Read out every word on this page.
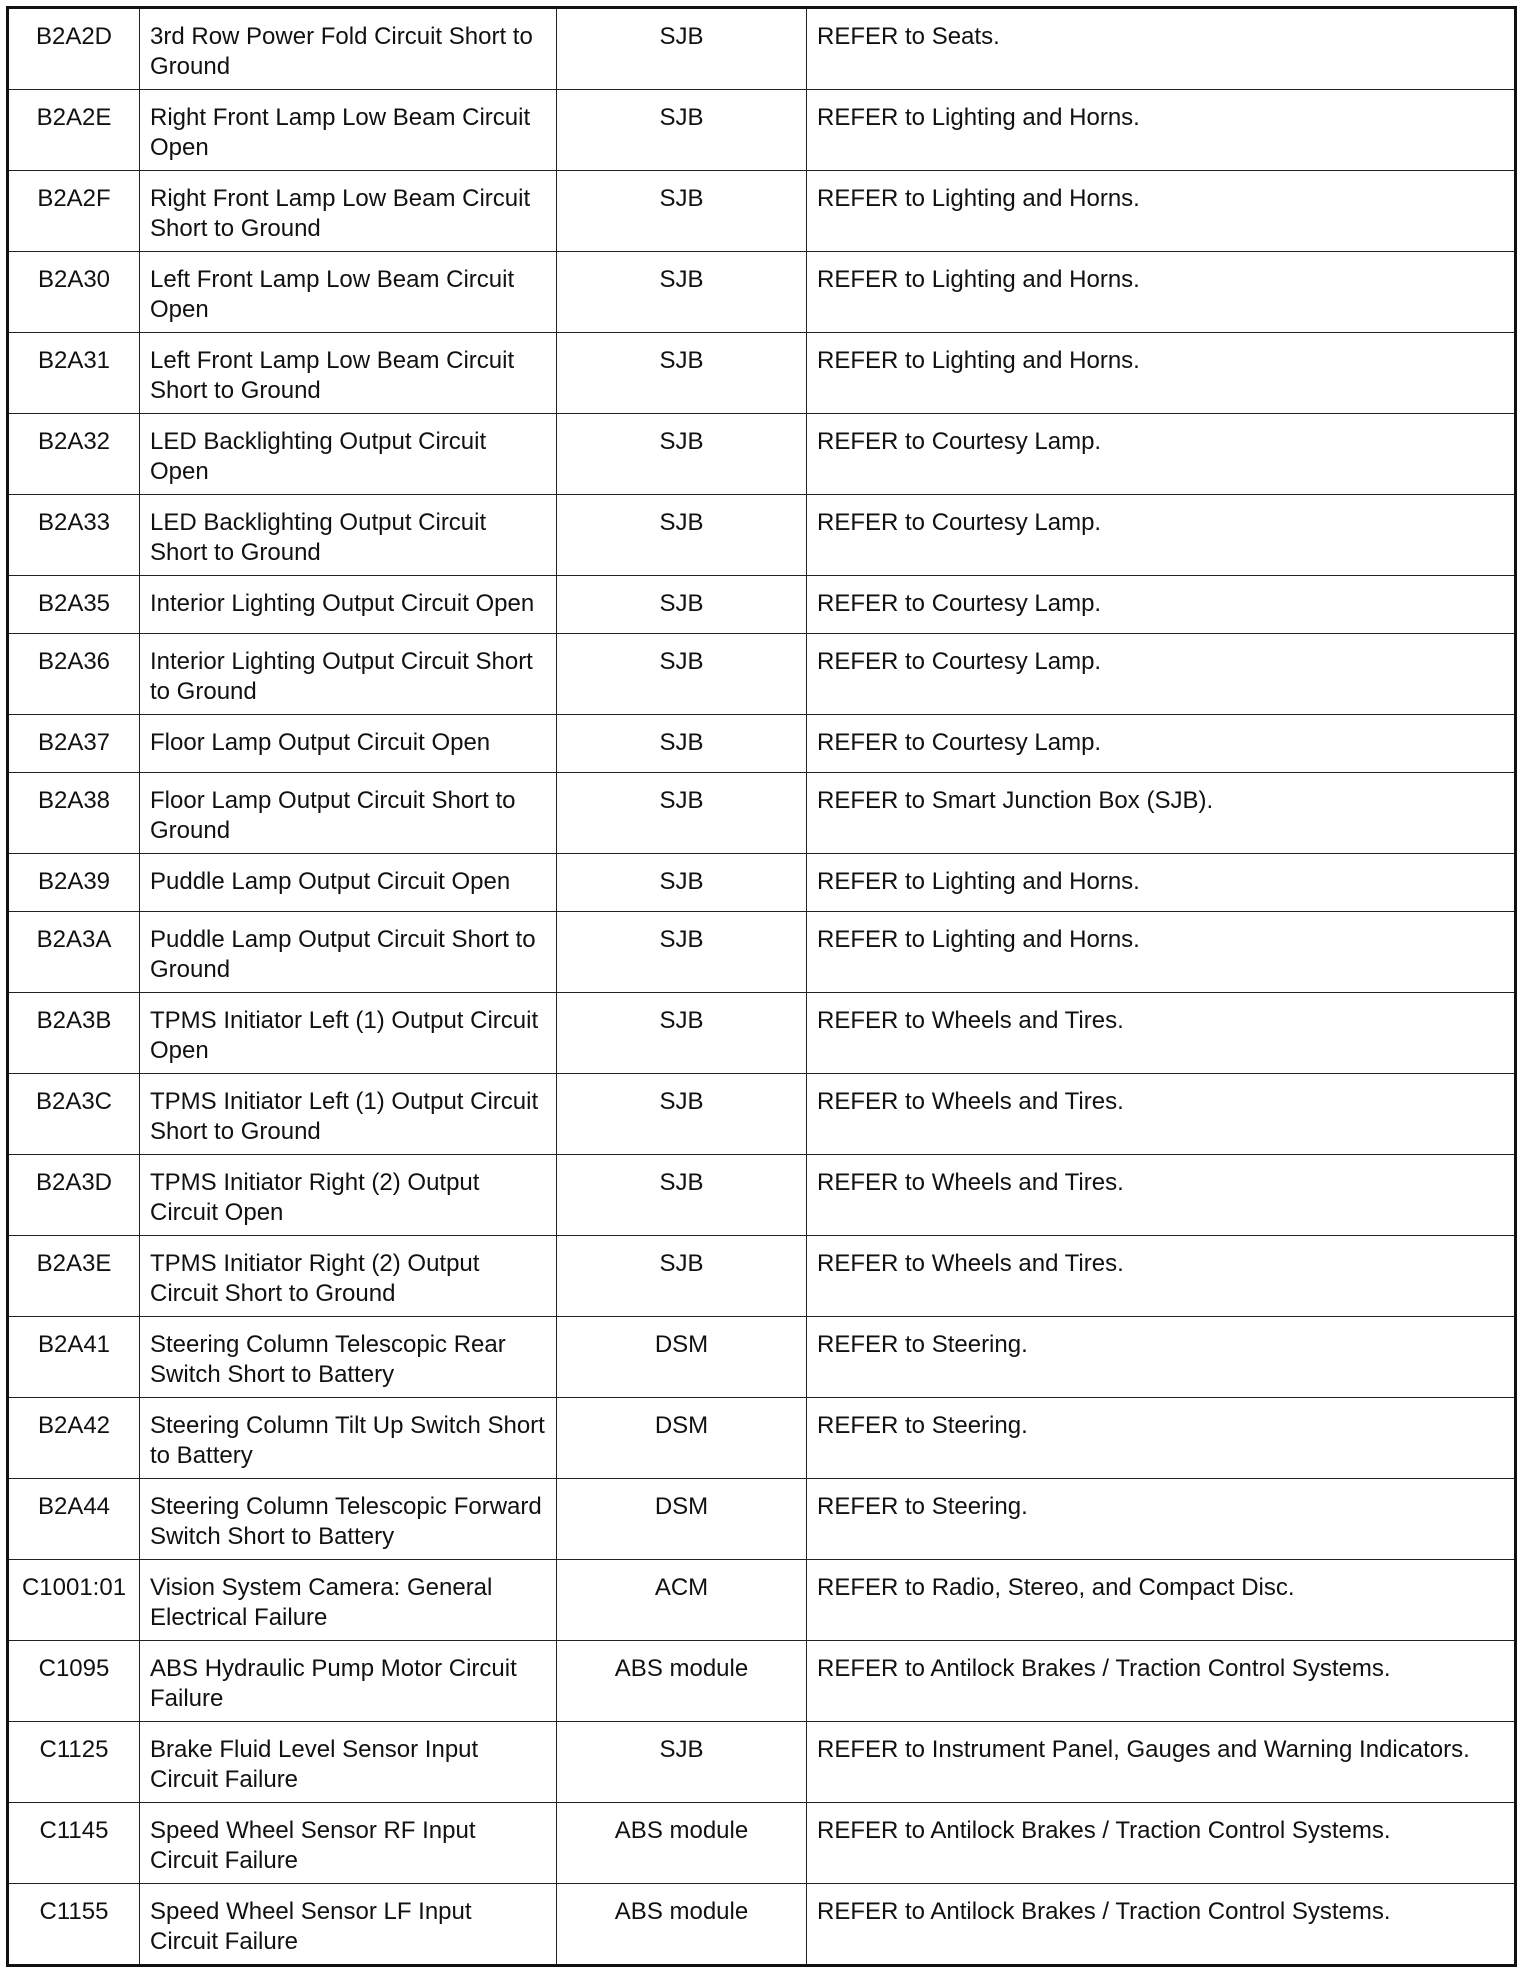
B2A2D	3rd Row Power Fold Circuit Short to Ground	SJB	REFER to Seats.
B2A2E	Right Front Lamp Low Beam Circuit Open	SJB	REFER to Lighting and Horns.
B2A2F	Right Front Lamp Low Beam Circuit Short to Ground	SJB	REFER to Lighting and Horns.
B2A30	Left Front Lamp Low Beam Circuit Open	SJB	REFER to Lighting and Horns.
B2A31	Left Front Lamp Low Beam Circuit Short to Ground	SJB	REFER to Lighting and Horns.
B2A32	LED Backlighting Output Circuit Open	SJB	REFER to Courtesy Lamp.
B2A33	LED Backlighting Output Circuit Short to Ground	SJB	REFER to Courtesy Lamp.
B2A35	Interior Lighting Output Circuit Open	SJB	REFER to Courtesy Lamp.
B2A36	Interior Lighting Output Circuit Short to Ground	SJB	REFER to Courtesy Lamp.
B2A37	Floor Lamp Output Circuit Open	SJB	REFER to Courtesy Lamp.
B2A38	Floor Lamp Output Circuit Short to Ground	SJB	REFER to Smart Junction Box (SJB).
B2A39	Puddle Lamp Output Circuit Open	SJB	REFER to Lighting and Horns.
B2A3A	Puddle Lamp Output Circuit Short to Ground	SJB	REFER to Lighting and Horns.
B2A3B	TPMS Initiator Left (1) Output Circuit Open	SJB	REFER to Wheels and Tires.
B2A3C	TPMS Initiator Left (1) Output Circuit Short to Ground	SJB	REFER to Wheels and Tires.
B2A3D	TPMS Initiator Right (2) Output Circuit Open	SJB	REFER to Wheels and Tires.
B2A3E	TPMS Initiator Right (2) Output Circuit Short to Ground	SJB	REFER to Wheels and Tires.
B2A41	Steering Column Telescopic Rear Switch Short to Battery	DSM	REFER to Steering.
B2A42	Steering Column Tilt Up Switch Short to Battery	DSM	REFER to Steering.
B2A44	Steering Column Telescopic Forward Switch Short to Battery	DSM	REFER to Steering.
C1001:01	Vision System Camera: General Electrical Failure	ACM	REFER to Radio, Stereo, and Compact Disc.
C1095	ABS Hydraulic Pump Motor Circuit Failure	ABS module	REFER to Antilock Brakes / Traction Control Systems.
C1125	Brake Fluid Level Sensor Input Circuit Failure	SJB	REFER to Instrument Panel, Gauges and Warning Indicators.
C1145	Speed Wheel Sensor RF Input Circuit Failure	ABS module	REFER to Antilock Brakes / Traction Control Systems.
C1155	Speed Wheel Sensor LF Input Circuit Failure	ABS module	REFER to Antilock Brakes / Traction Control Systems.
